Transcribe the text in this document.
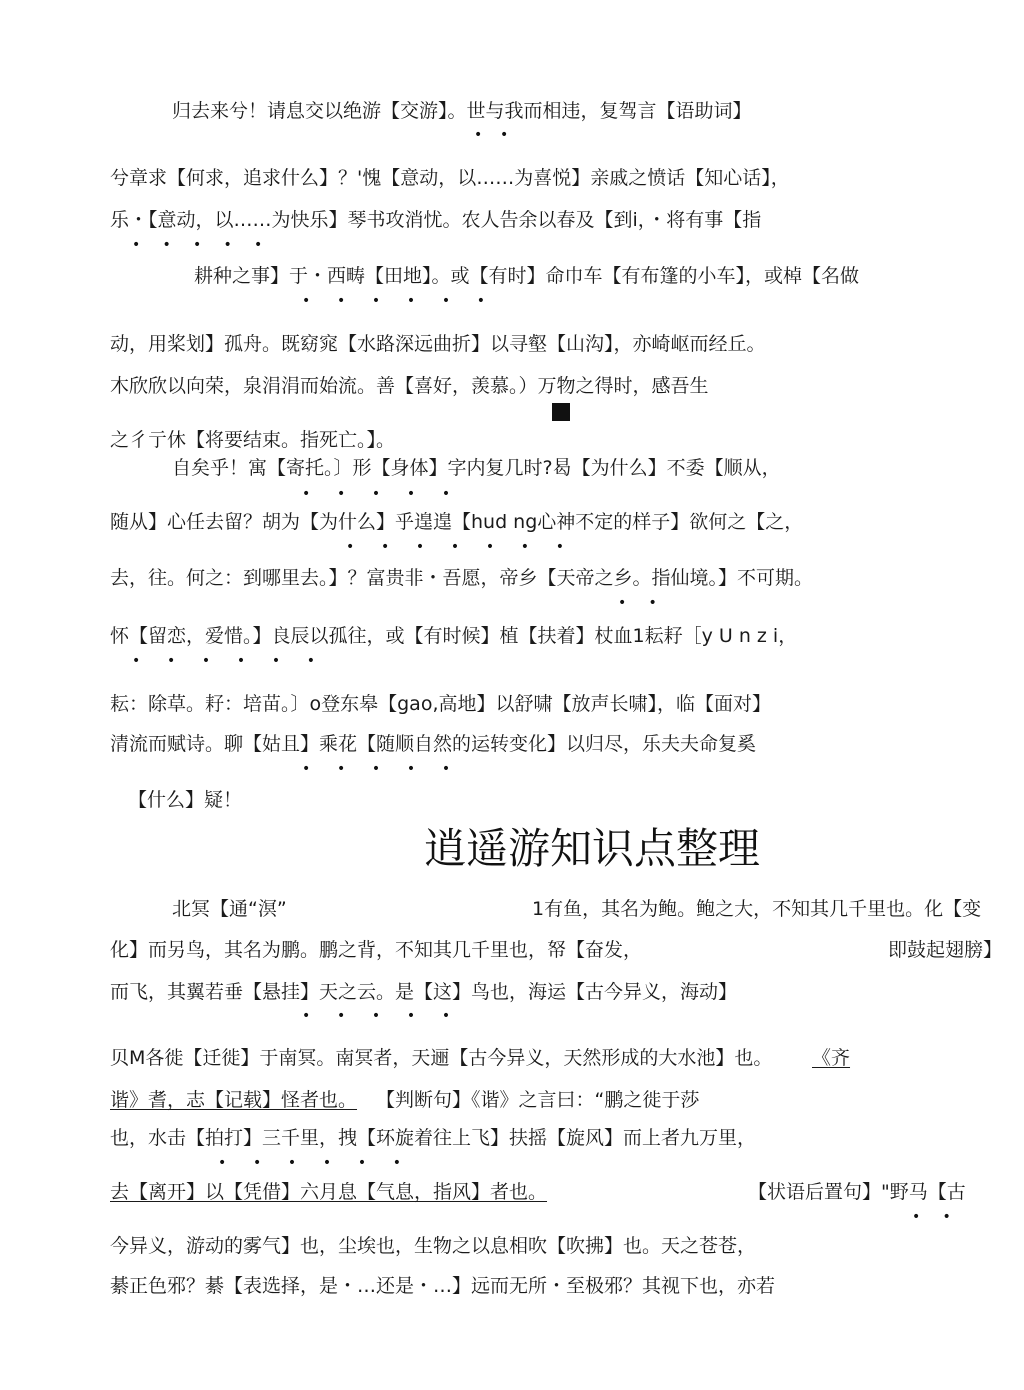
归去来兮！请息交以绝游【交游】。世与我而相违，复驾言【语助词】
•    •
兮章求【何求，追求什么】？'愧【意动，以……为喜悦】亲戚之愤话【知心话】，
乐・【意动，以……为快乐】琴书攻消忧。农人告余以春及【到i，・将有事【指
•     •     •     •     •
耕种之事】于・西畴【田地】。或【有时】命巾车【有布篷的小车】，或棹【名做
•      •      •      •      •      •
动，用桨划】孤舟。既窈窕【水路深远曲折】以寻壑【山沟】，亦崎岖而经丘。
木欣欣以向荣，泉涓涓而始流。善【喜好，羡慕。）万物之得时，感吾生
之彳亍休【将要结束。指死亡。】。
自矣乎！寓【寄托。〕形【身体】字内复几时?曷【为什么】不委【顺从，
•      •      •      •      •
随从】心任去留？胡为【为什么】乎遑遑【hud ng心神不定的样子】欲何之【之，
•      •      •      •      •      •      •
去，往。何之：到哪里去。】？富贵非・吾愿，帝乡【天帝之乡。指仙境。】不可期。
•     •
怀【留恋，爱惜。】良辰以孤往，或【有时候】植【扶着】杖血1耘耔［y U n z i，
•      •      •      •      •      •
耘：除草。耔：培苗。〕o登东皋【gao,高地】以舒啸【放声长啸】，临【面对】
清流而赋诗。聊【姑且】乘花【随顺自然的运转变化】以归尽，乐夫夫命复奚
•      •      •      •      •
【什么】疑！
逍遥游知识点整理
北冥【通“溟”	1有鱼，其名为鲍。鲍之大，不知其几千里也。化【变
化】而另鸟，其名为鹏。鹏之背，不知其几千里也，帑【奋发，	即鼓起翅膀】
而飞，其翼若垂【悬挂】天之云。是【这】鸟也，海运【古今异义，海动】
•      •      •      •      •
贝M各徙【迁徙】于南冥。南冥者，天逦【古今异义，天然形成的大水池】也。 《齐
谐》耆，志【记载】怪者也。 【判断句】《谐》之言曰：“鹏之徙于莎
也，水击【拍打】三千里，拽【环旋着往上飞】扶摇【旋风】而上者九万里，
•      •      •      •      •      •
去【离开】以【凭借】六月息【气息，指风】者也。	【状语后置句】"野马【古
•     •
今异义，游动的雾气】也，尘埃也，生物之以息相吹【吹拂】也。天之苍苍，
綦正色邪？綦【表选择，是・…还是・…】远而无所・至极邪？其视下也，亦若
